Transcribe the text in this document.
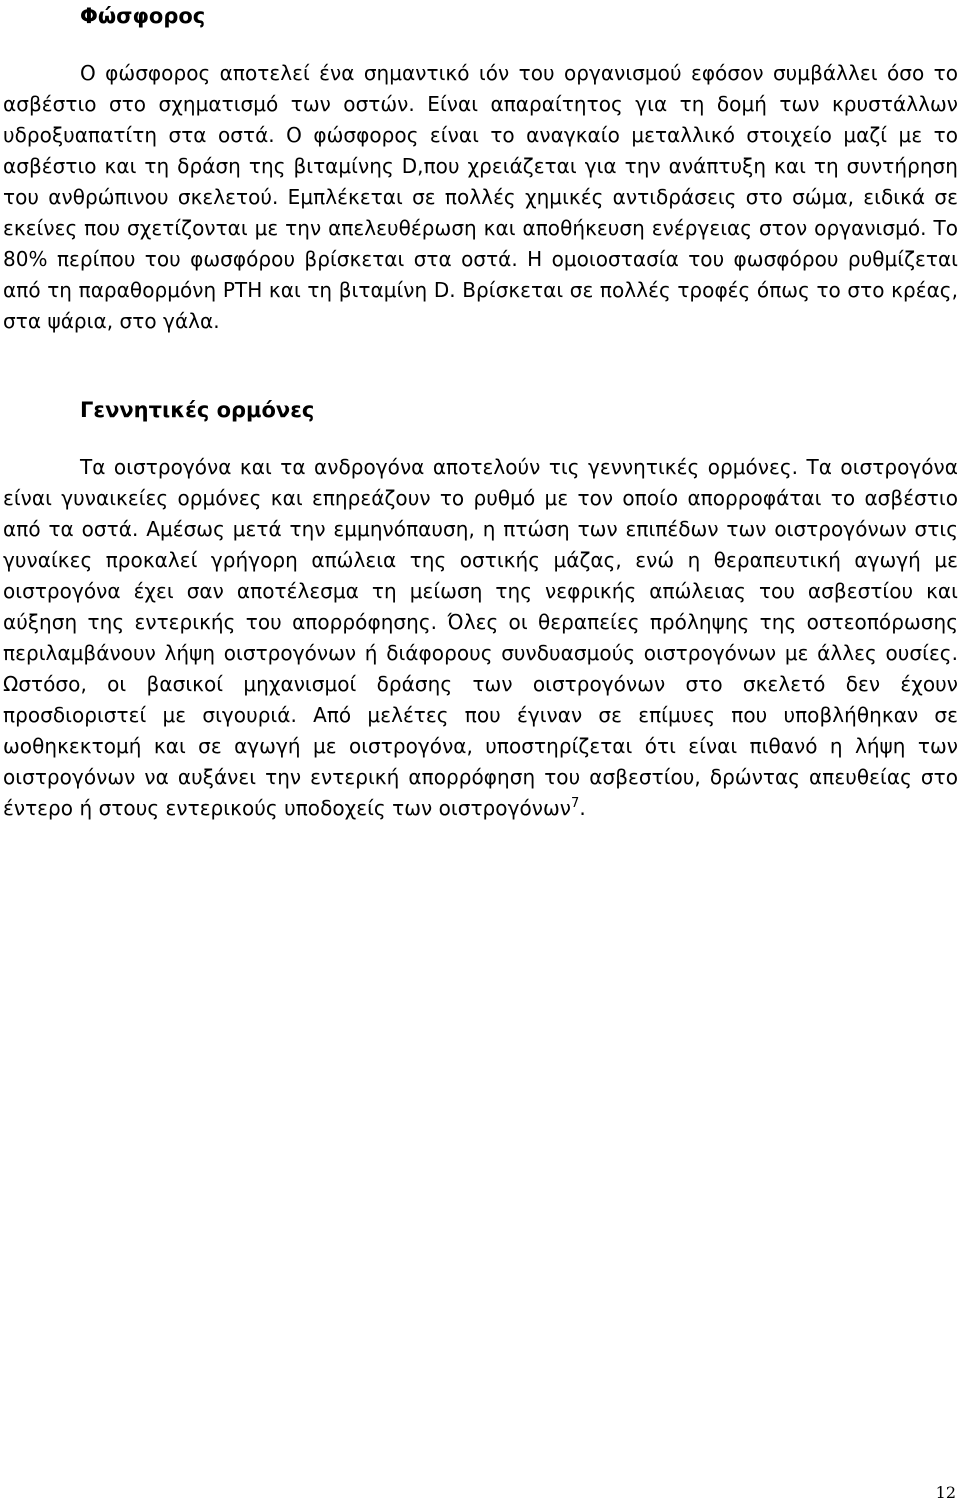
Φώσφορος

Ο φώσφορος αποτελεί ένα σημαντικό ιόν του οργανισμού εφόσον συμβάλλει όσο το ασβέστιο στο σχηματισμό των οστών. Είναι απαραίτητος για τη δομή των κρυστάλλων υδροξυαπατίτη στα οστά. Ο φώσφορος είναι το αναγκαίο μεταλλικό στοιχείο μαζί με το ασβέστιο και τη δράση της βιταμίνης D,που χρειάζεται για την ανάπτυξη και τη συντήρηση του ανθρώπινου σκελετού. Εμπλέκεται σε πολλές χημικές αντιδράσεις στο σώμα, ειδικά σε εκείνες που σχετίζονται με την απελευθέρωση και αποθήκευση ενέργειας στον οργανισμό. Το 80% περίπου του φωσφόρου βρίσκεται στα οστά. Η ομοιοστασία του φωσφόρου ρυθμίζεται από τη παραθορμόνη PTH και τη βιταμίνη D. Βρίσκεται σε πολλές τροφές όπως το στο κρέας, στα ψάρια, στο γάλα.

Γεννητικές ορμόνες

Τα οιστρογόνα και τα ανδρογόνα αποτελούν τις γεννητικές ορμόνες. Τα οιστρογόνα είναι γυναικείες ορμόνες και επηρεάζουν το ρυθμό με τον οποίο απορροφάται το ασβέστιο από τα οστά. Αμέσως μετά την εμμηνόπαυση, η πτώση των επιπέδων των οιστρογόνων στις γυναίκες προκαλεί γρήγορη απώλεια της οστικής μάζας, ενώ η θεραπευτική αγωγή με οιστρογόνα έχει σαν αποτέλεσμα τη μείωση της νεφρικής απώλειας του ασβεστίου και αύξηση της εντερικής του απορρόφησης. Όλες οι θεραπείες πρόληψης της οστεοπόρωσης περιλαμβάνουν λήψη οιστρογόνων ή διάφορους συνδυασμούς οιστρογόνων με άλλες ουσίες. Ωστόσο, οι βασικοί μηχανισμοί δράσης των οιστρογόνων στο σκελετό δεν έχουν προσδιοριστεί με σιγουριά. Από μελέτες που έγιναν σε επίμυες που υποβλήθηκαν σε ωοθηκεκτομή και σε αγωγή με οιστρογόνα, υποστηρίζεται ότι είναι πιθανό η λήψη των οιστρογόνων να αυξάνει την εντερική απορρόφηση του ασβεστίου, δρώντας απευθείας στο έντερο ή στους εντερικούς υποδοχείς των οιστρογόνων$^7$.

12
